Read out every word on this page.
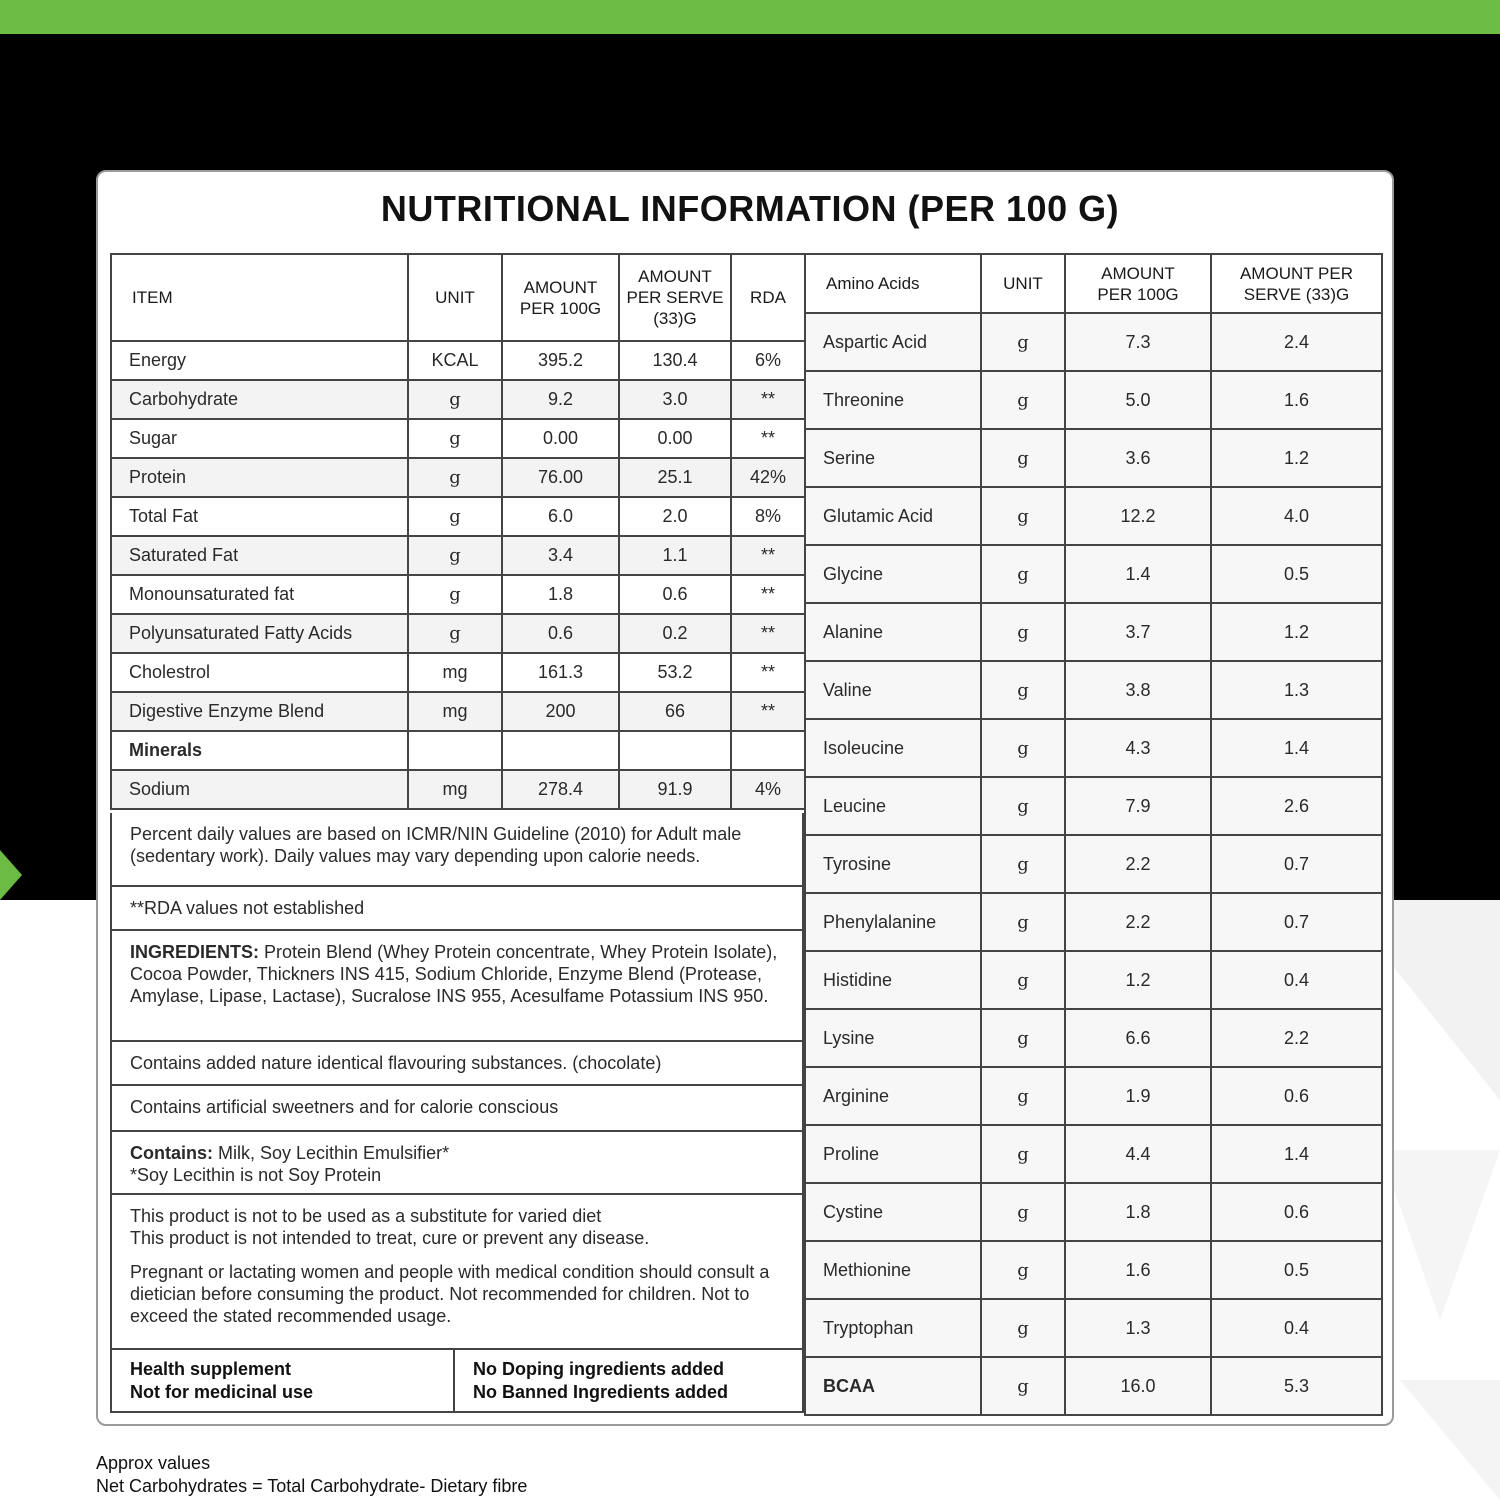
NUTRITIONAL INFORMATION (PER 100 G)
ITEM	UNIT	AMOUNT PER 100G	AMOUNT PER SERVE (33)G	RDA
Energy	KCAL	395.2	130.4	6%
Carbohydrate	g	9.2	3.0	**
Sugar	g	0.00	0.00	**
Protein	g	76.00	25.1	42%
Total Fat	g	6.0	2.0	8%
Saturated Fat	g	3.4	1.1	**
Monounsaturated fat	g	1.8	0.6	**
Polyunsaturated Fatty Acids	g	0.6	0.2	**
Cholestrol	mg	161.3	53.2	**
Digestive Enzyme Blend	mg	200	66	**
Minerals				
Sodium	mg	278.4	91.9	4%
Amino Acids	UNIT	AMOUNT PER 100G	AMOUNT PER SERVE (33)G
Aspartic Acid	g	7.3	2.4
Threonine	g	5.0	1.6
Serine	g	3.6	1.2
Glutamic Acid	g	12.2	4.0
Glycine	g	1.4	0.5
Alanine	g	3.7	1.2
Valine	g	3.8	1.3
Isoleucine	g	4.3	1.4
Leucine	g	7.9	2.6
Tyrosine	g	2.2	0.7
Phenylalanine	g	2.2	0.7
Histidine	g	1.2	0.4
Lysine	g	6.6	2.2
Arginine	g	1.9	0.6
Proline	g	4.4	1.4
Cystine	g	1.8	0.6
Methionine	g	1.6	0.5
Tryptophan	g	1.3	0.4
BCAA	g	16.0	5.3

Percent daily values are based on ICMR/NIN Guideline (2010) for Adult male (sedentary work). Daily values may vary depending upon calorie needs.

**RDA values not established

INGREDIENTS: Protein Blend (Whey Protein concentrate, Whey Protein Isolate), Cocoa Powder, Thickners INS 415, Sodium Chloride, Enzyme Blend (Protease, Amylase, Lipase, Lactase), Sucralose INS 955, Acesulfame Potassium INS 950.

Contains added nature identical flavouring substances. (chocolate)

Contains artificial sweetners and for calorie conscious

Contains: Milk, Soy Lecithin Emulsifier*

*Soy Lecithin is not Soy Protein

This product is not to be used as a substitute for varied diet

This product is not intended to treat, cure or prevent any disease.

Pregnant or lactating women and people with medical condition should consult a dietician before consuming the product. Not recommended for children. Not to exceed the stated recommended usage.

Health supplement

Not for medicinal use

No Doping ingredients added

No Banned Ingredients added

Approx values
Net Carbohydrates = Total Carbohydrate- Dietary fibre
